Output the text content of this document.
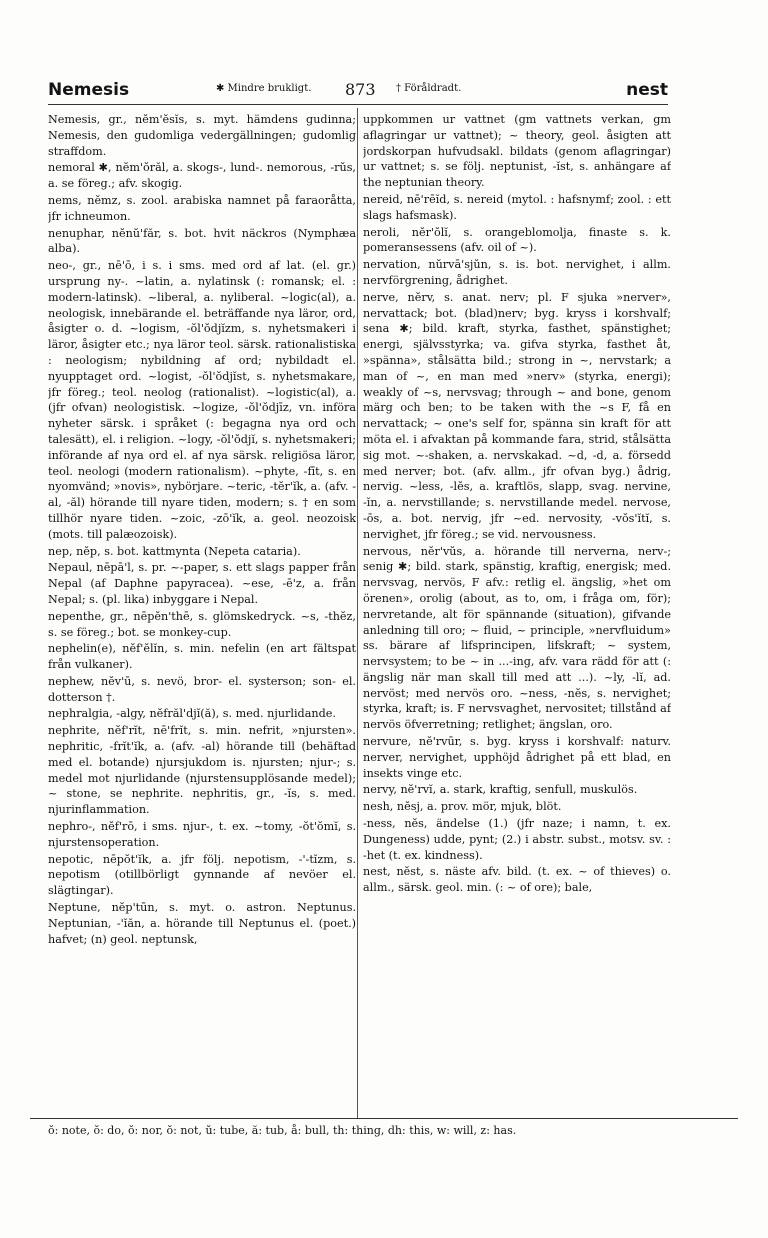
Nemesis	✱ Mindre brukligt. 873 † Föråldradt.	nest

Nemesis, gr., nĕm'ĕsĭs, s. myt. hämdens gudinna; Nemesis, den gudomliga vedergällningen; gudomlig straffdom.

nemoral ✱, nĕm'ŏrăl, a. skogs-, lund-. nemorous, -rŭs, a. se föreg.; afv. skogig.

nems, nĕmz, s. zool. arabiska namnet på faraoråtta, jfr ichneumon.

nenuphar, nĕnŭ'făr, s. bot. hvit näckros (Nymphæa alba).

neo-, gr., nē'ō, i s. i sms. med ord af lat. (el. gr.) ursprung ny-. ~latin, a. nylatinsk (: romansk; el. : modern-latinsk). ~liberal, a. nyliberal. ~logic(al), a. neologisk, innebärande el. beträffande nya läror, ord, åsigter o. d. ~logism, -ŏl'ŏdjĭzm, s. nyhetsmakeri i läror, åsigter etc.; nya läror teol. särsk. rationalistiska : neologism; nybildning af ord; nybildadt el. nyupptaget ord. ~logist, -ŏl'ŏdjĭst, s. nyhetsmakare, jfr föreg.; teol. neolog (rationalist). ~logistic(al), a. (jfr ofvan) neologistisk. ~logize, -ŏl'ŏdjīz, vn. införa nyheter särsk. i språket (: begagna nya ord och talesätt), el. i religion. ~logy, -ŏl'ŏdjĭ, s. nyhetsmakeri; införande af nya ord el. af nya särsk. religiösa läror, teol. neologi (modern rationalism). ~phyte, -fīt, s. en nyomvänd; »novis», nybörjare. ~teric, -tĕr'ĭk, a. (afv. -al, -ăl) hörande till nyare tiden, modern; s. † en som tillhör nyare tiden. ~zoic, -zō'ĭk, a. geol. neozoisk (mots. till palæozoisk).

nep, nĕp, s. bot. kattmynta (Nepeta cataria).

Nepaul, nēpā'l, s. pr. ~-paper, s. ett slags papper från Nepal (af Daphne papyracea). ~ese, -ē'z, a. från Nepal; s. (pl. lika) inbyggare i Nepal.

nepenthe, gr., nēpĕn'thē, s. glömskedryck. ~s, -thĕz, s. se föreg.; bot. se monkey-cup.

nephelin(e), nĕf'ĕlĭn, s. min. nefelin (en art fältspat från vulkaner).

nephew, nĕv'ū, s. nevö, bror- el. systerson; son- el. dotterson †.

nephralgia, -algy, nĕfrăl'djĭ(ă), s. med. njurlidande.

nephrite, nĕf'rĭt, nē'frĭt, s. min. nefrit, »njursten». nephritic, -frĭt'ĭk, a. (afv. -al) hörande till (behäftad med el. botande) njursjukdom is. njursten; njur-; s. medel mot njurlidande (njurstensupplösande medel); ~ stone, se nephrite. nephritis, gr., -ĭs, s. med. njurinflammation.

nephro-, nĕf'rō, i sms. njur-, t. ex. ~tomy, -ŏt'ŏmĭ, s. njurstensoperation.

nepotic, nēpŏt'ĭk, a. jfr följ. nepotism, -'-tĭzm, s. nepotism (otillbörligt gynnande af nevöer el. slägtingar).

Neptune, nĕp'tūn, s. myt. o. astron. Neptunus. Neptunian, -'ĭăn, a. hörande till Neptunus el. (poet.) hafvet; (n) geol. neptunsk,

uppkommen ur vattnet (gm vattnets verkan, gm aflagringar ur vattnet); ~ theory, geol. åsigten att jordskorpan hufvudsakl. bildats (genom aflagringar) ur vattnet; s. se följ. neptunist, -ĭst, s. anhängare af the neptunian theory.

nereid, nē'rēĭd, s. nereid (mytol. : hafsnymf; zool. : ett slags hafsmask).

neroli, nĕr'ŏlĭ, s. orangeblomolja, finaste s. k. pomeransessens (afv. oil of ~).

nervation, nŭrvā'sjŭn, s. is. bot. nervighet, i allm. nervförgrening, ådrighet.

nerve, nĕrv, s. anat. nerv; pl. F sjuka »nerver», nervattack; bot. (blad)nerv; byg. kryss i korshvalf; sena ✱; bild. kraft, styrka, fasthet, spänstighet; energi, självsstyrka; va. gifva styrka, fasthet åt, »spänna», stålsätta bild.; strong in ~, nervstark; a man of ~, en man med »nerv» (styrka, energi); weakly of ~s, nervsvag; through ~ and bone, genom märg och ben; to be taken with the ~s F, få en nervattack; ~ one's self for, spänna sin kraft för att möta el. i afvaktan på kommande fara, strid, stålsätta sig mot. ~-shaken, a. nervskakad. ~d, -d, a. försedd med nerver; bot. (afv. allm., jfr ofvan byg.) ådrig, nervig. ~less, -lĕs, a. kraftlös, slapp, svag. nervine, -ĭn, a. nervstillande; s. nervstillande medel. nervose, -ōs, a. bot. nervig, jfr ~ed. nervosity, -vŏs'ĭtĭ, s. nervighet, jfr föreg.; se vid. nervousness.

nervous, nĕr'vŭs, a. hörande till nerverna, nerv-; senig ✱; bild. stark, spänstig, kraftig, energisk; med. nervsvag, nervös, F afv.: retlig el. ängslig, »het om örenen», orolig (about, as to, om, i fråga om, för); nervretande, alt för spännande (situation), gifvande anledning till oro; ~ fluid, ~ principle, »nervfluidum» ss. bärare af lifsprincipen, lifskraft; ~ system, nervsystem; to be ~ in ...-ing, afv. vara rädd för att (: ängslig när man skall till med att ...). ~ly, -lĭ, ad. nervöst; med nervös oro. ~ness, -nĕs, s. nervighet; styrka, kraft; is. F nervsvaghet, nervositet; tillstånd af nervös öfverretning; retlighet; ängslan, oro.

nervure, nĕ'rvūr, s. byg. kryss i korshvalf: naturv. nerver, nervighet, upphöjd ådrighet på ett blad, en insekts vinge etc.

nervy, nĕ'rvĭ, a. stark, kraftig, senfull, muskulös.

nesh, nĕsj, a. prov. mör, mjuk, blöt.

-ness, nĕs, ändelse (1.) (jfr naze; i namn, t. ex. Dungeness) udde, pynt; (2.) i abstr. subst., motsv. sv. : -het (t. ex. kindness).

nest, nĕst, s. näste afv. bild. (t. ex. ~ of thieves) o. allm., särsk. geol. min. (: ~ of ore); bale,

ŏ: note, ŏ: do, ŏ: nor, ŏ: not, ŭ: tube, ă: tub, å: bull, th: thing, dh: this, w: will, z: has.
